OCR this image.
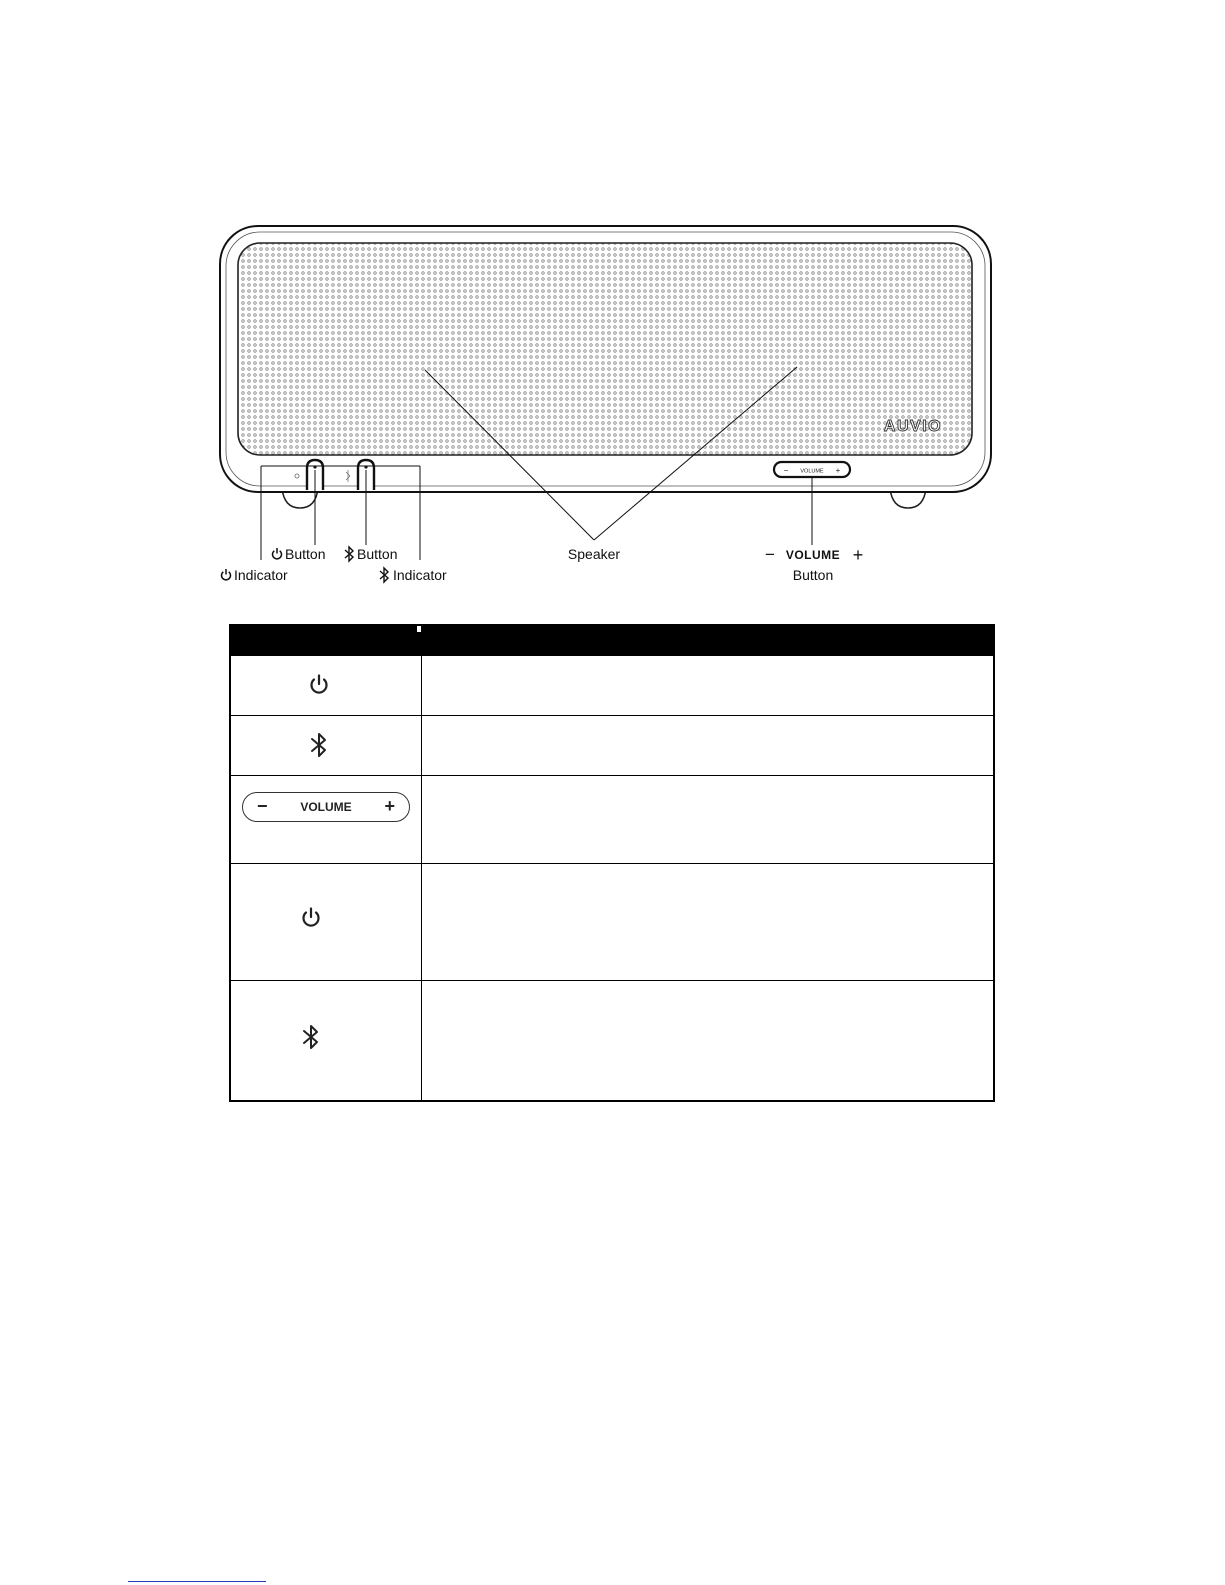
AUVIO
− VOLUME +
Button Button
Indicator	Indicator
Speaker	− VOLUME +
Button
−	VOLUME +
